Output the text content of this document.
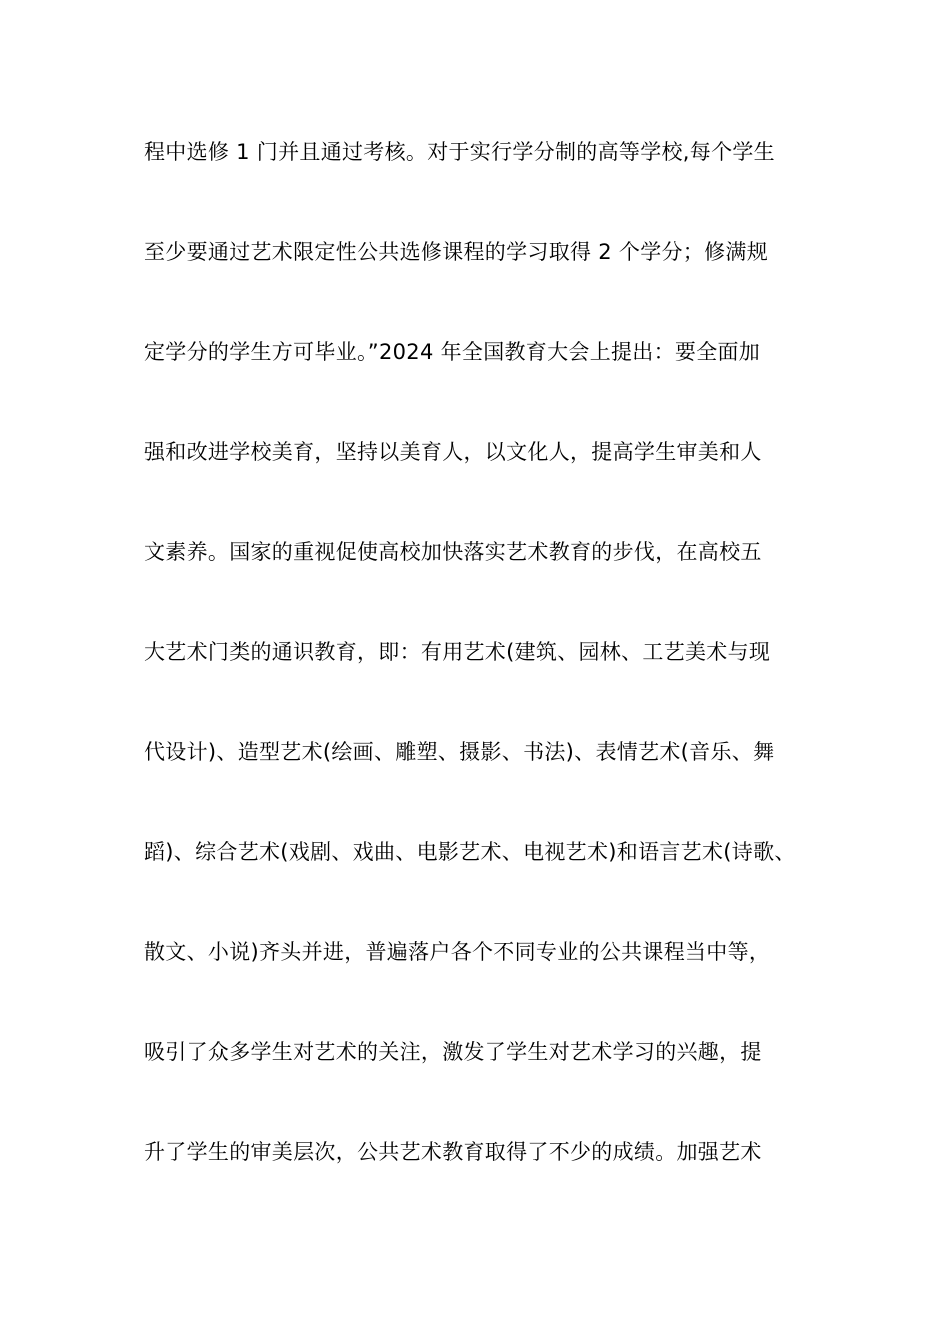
程中选修 1 门并且通过考核。对于实行学分制的高等学校,每个学生
至少要通过艺术限定性公共选修课程的学习取得 2 个学分；修满规
定学分的学生方可毕业。”2024 年全国教育大会上提出：要全面加
强和改进学校美育，坚持以美育人，以文化人，提高学生审美和人
文素养。国家的重视促使高校加快落实艺术教育的步伐，在高校五
大艺术门类的通识教育，即：有用艺术(建筑、园林、工艺美术与现
代设计)、造型艺术(绘画、雕塑、摄影、书法)、表情艺术(音乐、舞
蹈)、综合艺术(戏剧、戏曲、电影艺术、电视艺术)和语言艺术(诗歌、
散文、小说)齐头并进，普遍落户各个不同专业的公共课程当中等，
吸引了众多学生对艺术的关注，激发了学生对艺术学习的兴趣，提
升了学生的审美层次，公共艺术教育取得了不少的成绩。加强艺术
